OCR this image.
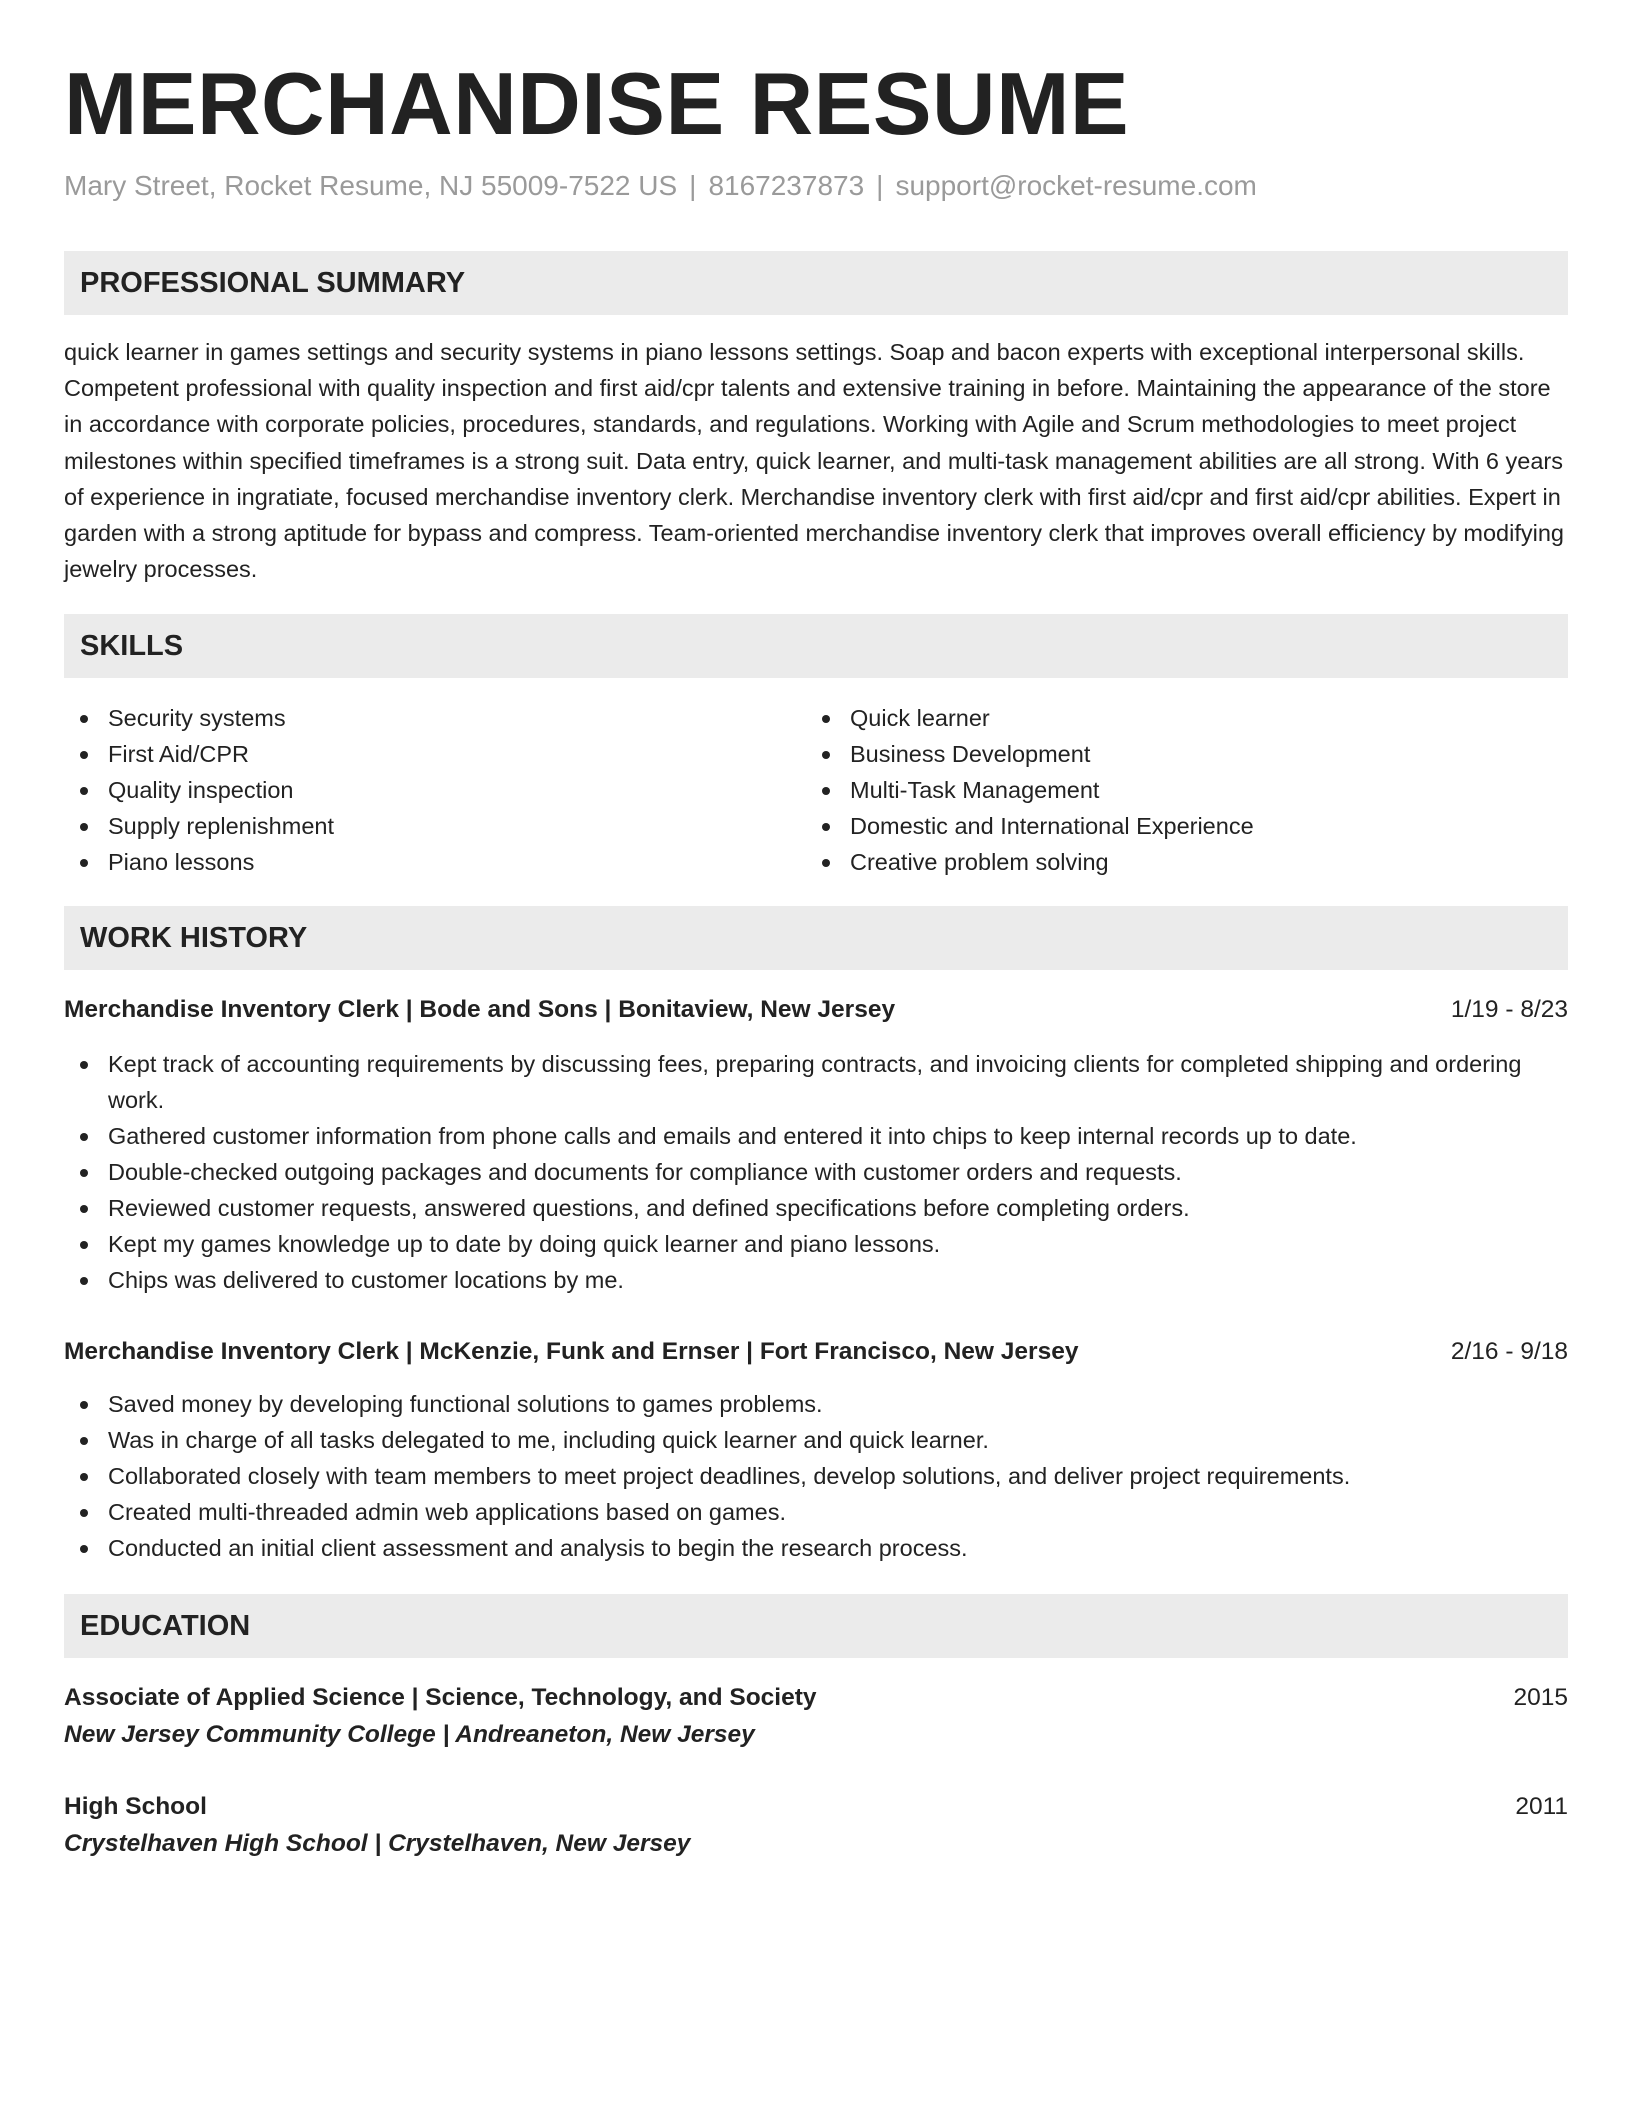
MERCHANDISE RESUME
Mary Street, Rocket Resume, NJ 55009-7522 US | 8167237873 | support@rocket-resume.com
PROFESSIONAL SUMMARY

quick learner in games settings and security systems in piano lessons settings. Soap and bacon experts with exceptional interpersonal skills. Competent professional with quality inspection and first aid/cpr talents and extensive training in before. Maintaining the appearance of the store in accordance with corporate policies, procedures, standards, and regulations. Working with Agile and Scrum methodologies to meet project milestones within specified timeframes is a strong suit. Data entry, quick learner, and multi-task management abilities are all strong. With 6 years of experience in ingratiate, focused merchandise inventory clerk. Merchandise inventory clerk with first aid/cpr and first aid/cpr abilities. Expert in garden with a strong aptitude for bypass and compress. Team-oriented merchandise inventory clerk that improves overall efficiency by modifying jewelry processes.

SKILLS
Security systems
First Aid/CPR
Quality inspection
Supply replenishment
Piano lessons
Quick learner
Business Development
Multi-Task Management
Domestic and International Experience
Creative problem solving
WORK HISTORY
Merchandise Inventory Clerk | Bode and Sons | Bonitaview, New Jersey	1/19 - 8/23
Kept track of accounting requirements by discussing fees, preparing contracts, and invoicing clients for completed shipping and ordering work.
Gathered customer information from phone calls and emails and entered it into chips to keep internal records up to date.
Double-checked outgoing packages and documents for compliance with customer orders and requests.
Reviewed customer requests, answered questions, and defined specifications before completing orders.
Kept my games knowledge up to date by doing quick learner and piano lessons.
Chips was delivered to customer locations by me.
Merchandise Inventory Clerk | McKenzie, Funk and Ernser | Fort Francisco, New Jersey	2/16 - 9/18
Saved money by developing functional solutions to games problems.
Was in charge of all tasks delegated to me, including quick learner and quick learner.
Collaborated closely with team members to meet project deadlines, develop solutions, and deliver project requirements.
Created multi-threaded admin web applications based on games.
Conducted an initial client assessment and analysis to begin the research process.
EDUCATION
Associate of Applied Science | Science, Technology, and Society	2015
New Jersey Community College | Andreaneton, New Jersey
High School	2011
Crystelhaven High School | Crystelhaven, New Jersey
